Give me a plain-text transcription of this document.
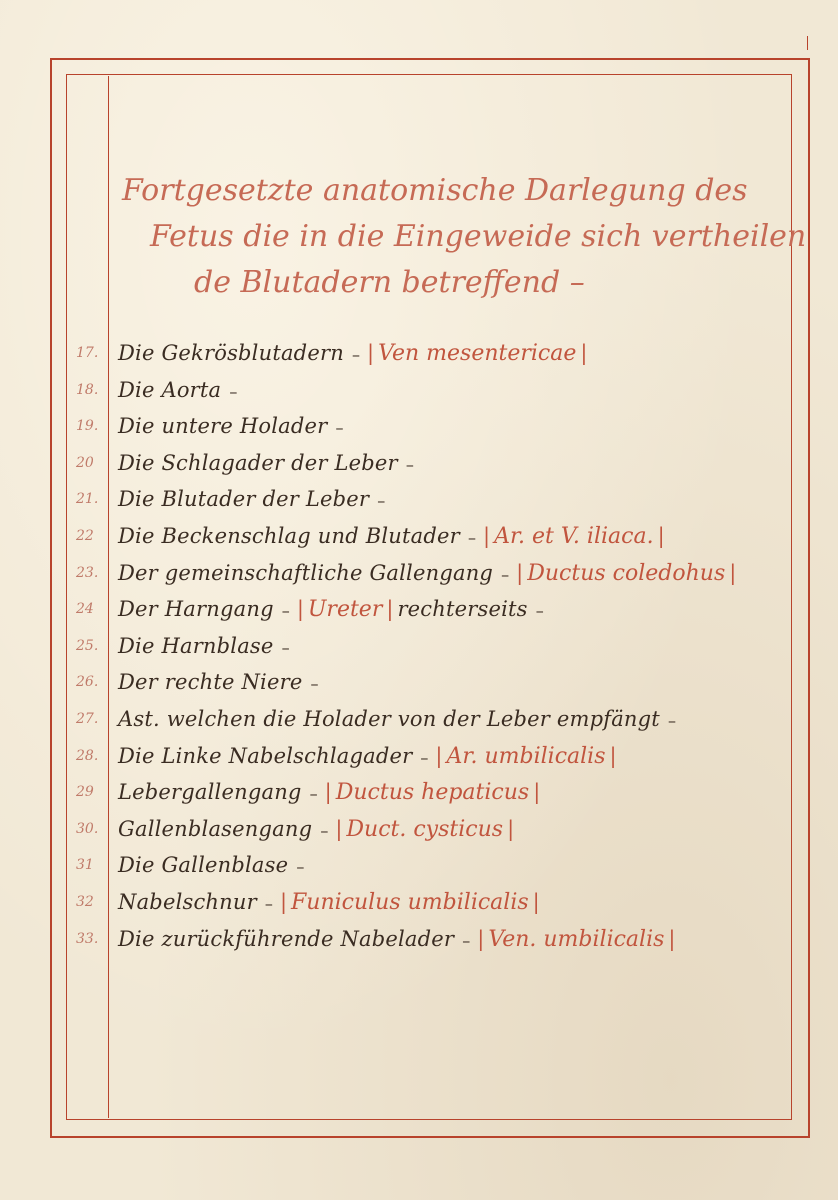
Fortgesetzte anatomische Darlegung des
Fetus die in die Eingeweide sich vertheilen
de Blutadern betreffend –
17. Die Gekrösblutadern – | Ven mesentericae |
18. Die Aorta –
19. Die untere Holader –
20	Die Schlagader der Leber –
21. Die Blutader der Leber –
22	Die Beckenschlag und Blutader – | Ar. et V. iliaca. |
23. Der gemeinschaftliche Gallengang – | Ductus coledohus |
24	Der Harngang – | Ureter | rechterseits –
25. Die Harnblase –
26. Der rechte Niere –
27. Ast. welchen die Holader von der Leber empfängt –
28. Die Linke Nabelschlagader – | Ar. umbilicalis |
29	Lebergallengang – | Ductus hepaticus |
30. Gallenblasengang – | Duct. cysticus |
31	Die Gallenblase –
32	Nabelschnur – | Funiculus umbilicalis |
33. Die zurückführende Nabelader – | Ven. umbilicalis |
